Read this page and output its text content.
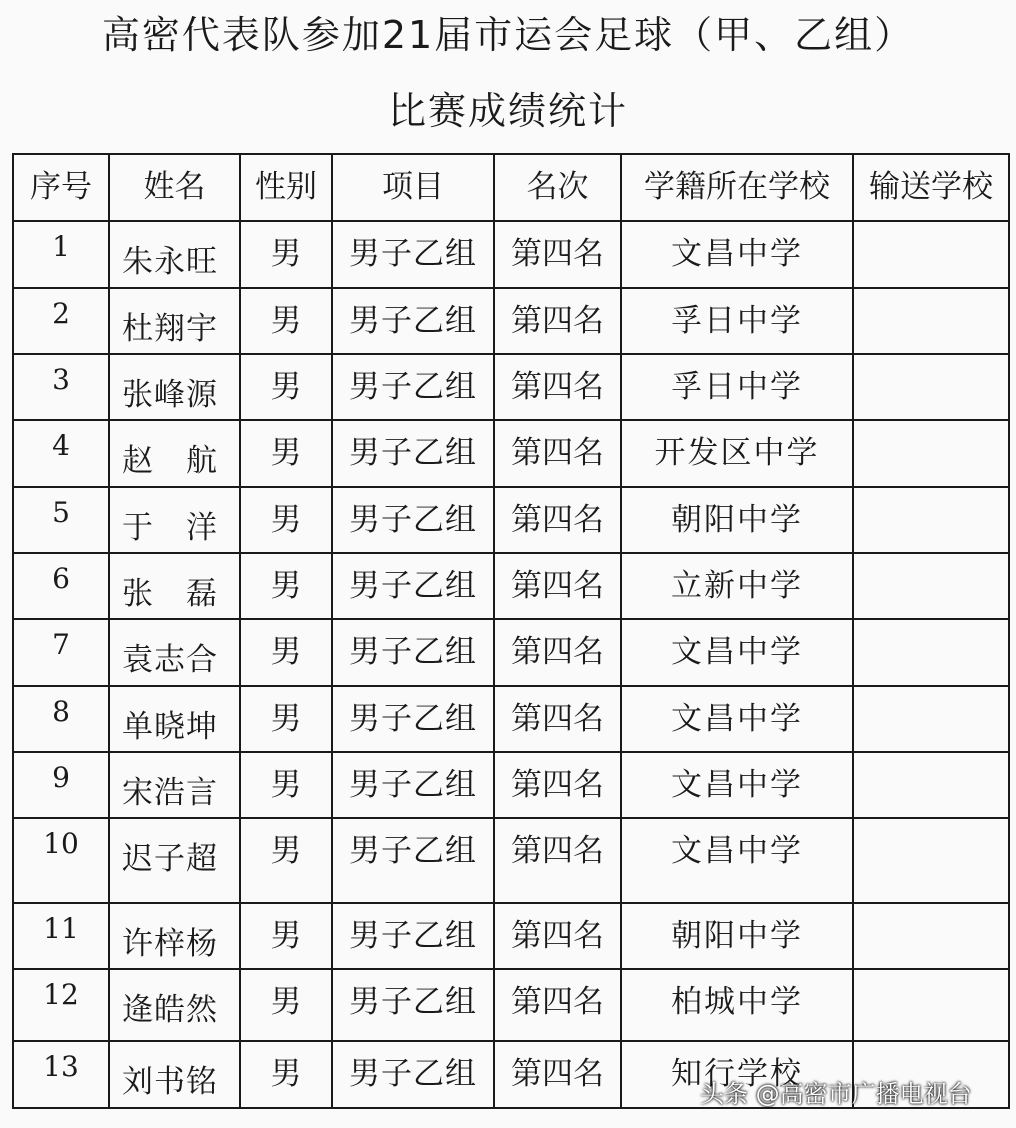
高密代表队参加21届市运会足球（甲、乙组）
比赛成绩统计
序号	姓名	性别	项目	名次	学籍所在学校	输送学校
1	朱永旺	男	男子乙组	第四名	文昌中学	
2	杜翔宇	男	男子乙组	第四名	孚日中学	
3	张峰源	男	男子乙组	第四名	孚日中学	
4	赵　航	男	男子乙组	第四名	开发区中学	
5	于　洋	男	男子乙组	第四名	朝阳中学	
6	张　磊	男	男子乙组	第四名	立新中学	
7	袁志合	男	男子乙组	第四名	文昌中学	
8	单晓坤	男	男子乙组	第四名	文昌中学	
9	宋浩言	男	男子乙组	第四名	文昌中学	
10	迟子超	男	男子乙组	第四名	文昌中学	
11	许梓杨	男	男子乙组	第四名	朝阳中学	
12	逄皓然	男	男子乙组	第四名	柏城中学	
13	刘书铭	男	男子乙组	第四名	知行学校	
头条 @高密市广播电视台
